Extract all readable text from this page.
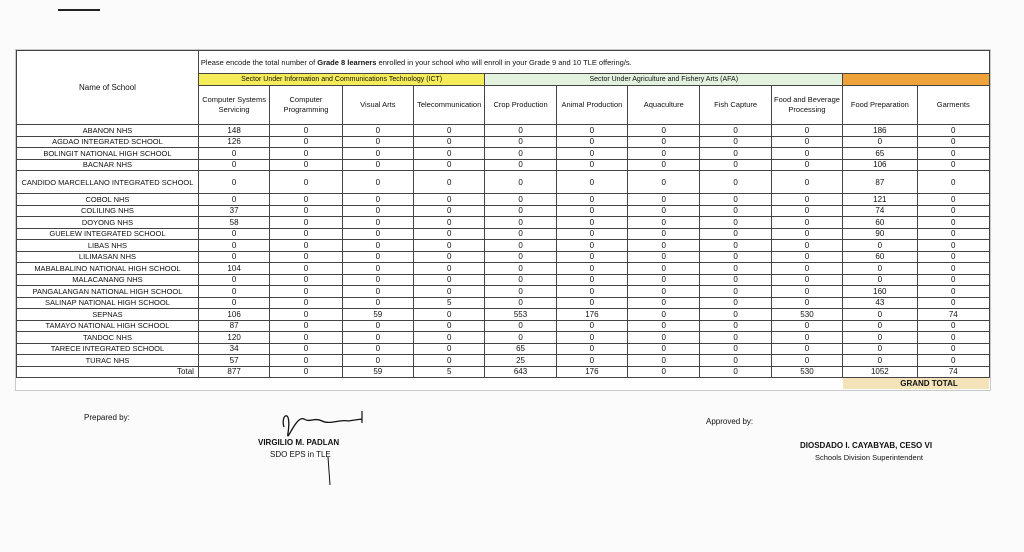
Name of School	Please encode the total number of Grade 8 learners enrolled in your school who will enroll in your Grade 9 and 10 TLE offering/s.										
	Sector Under Information and Communications Technology (ICT)				Sector Under Agriculture and Fishery Arts (AFA)						
	Computer Systems Servicing	Computer Programming	Visual Arts	Telecommunication	Crop Production	Animal Production	Aquaculture	Fish Capture	Food and Beverage Processing	Food Preparation	Garments
ABANON NHS	148	0	0	0	0	0	0	0	0	186	0
AGDAO INTEGRATED SCHOOL	126	0	0	0	0	0	0	0	0	0	0
BOLINGIT NATIONAL HIGH SCHOOL	0	0	0	0	0	0	0	0	0	65	0
BACNAR NHS	0	0	0	0	0	0	0	0	0	106	0
CANDIDO MARCELLANO INTEGRATED SCHOOL	0	0	0	0	0	0	0	0	0	87	0
COBOL NHS	0	0	0	0	0	0	0	0	0	121	0
COLILING NHS	37	0	0	0	0	0	0	0	0	74	0
DOYONG NHS	58	0	0	0	0	0	0	0	0	60	0
GUELEW INTEGRATED SCHOOL	0	0	0	0	0	0	0	0	0	90	0
LIBAS NHS	0	0	0	0	0	0	0	0	0	0	0
LILIMASAN NHS	0	0	0	0	0	0	0	0	0	60	0
MABALBALINO NATIONAL HIGH SCHOOL	104	0	0	0	0	0	0	0	0	0	0
MALACANANG NHS	0	0	0	0	0	0	0	0	0	0	0
PANGALANGAN NATIONAL HIGH SCHOOL	0	0	0	0	0	0	0	0	0	160	0
SALINAP NATIONAL HIGH SCHOOL	0	0	0	5	0	0	0	0	0	43	0
SEPNAS	106	0	59	0	553	176	0	0	530	0	74
TAMAYO NATIONAL HIGH SCHOOL	87	0	0	0	0	0	0	0	0	0	0
TANDOC NHS	120	0	0	0	0	0	0	0	0	0	0
TARECE INTEGRATED SCHOOL	34	0	0	0	65	0	0	0	0	0	0
TURAC NHS	57	0	0	0	25	0	0	0	0	0	0
Total	877	0	59	5	643	176	0	0	530	1052	74
GRAND TOTAL
Prepared by:
VIRGILIO M. PADLAN
SDO EPS in TLE
Approved by:
DIOSDADO I. CAYABYAB, CESO VI
Schools Division Superintendent
